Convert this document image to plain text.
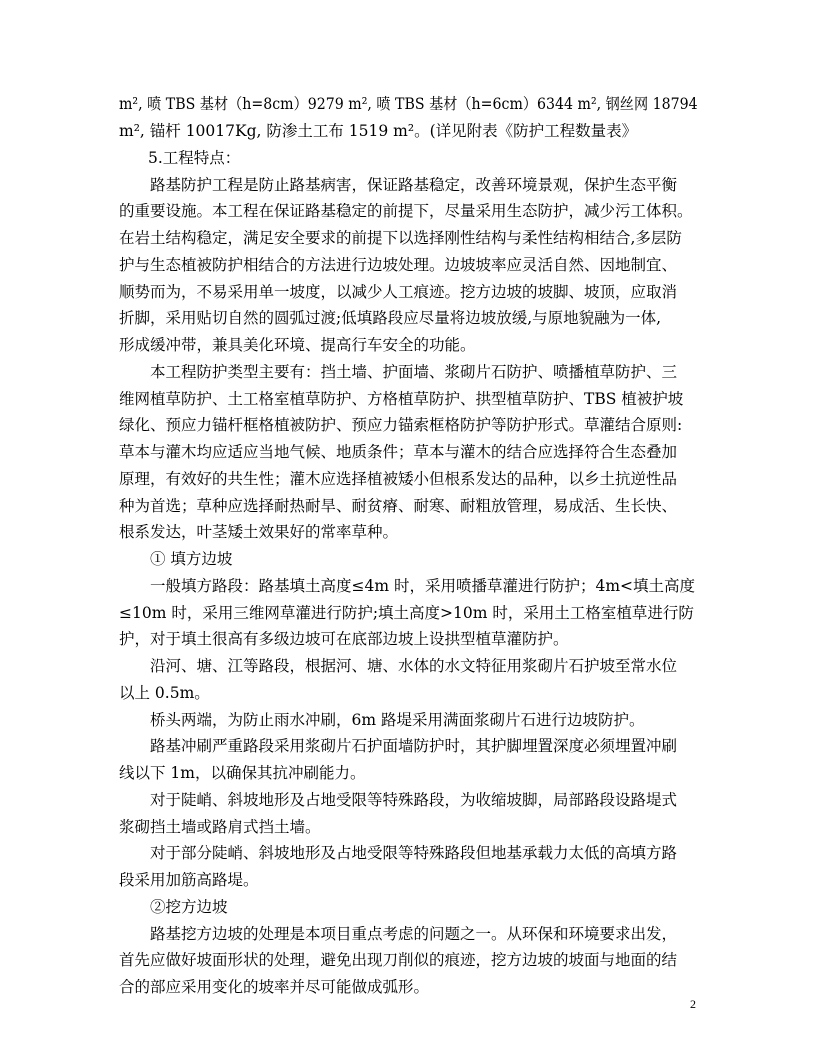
m², 喷 TBS 基材（h=8cm）9279 m², 喷 TBS 基材（h=6cm）6344 m², 钢丝网 18794
m², 锚杆 10017Kg, 防渗土工布 1519 m²。(详见附表《防护工程数量表》
5.工程特点：
路基防护工程是防止路基病害，保证路基稳定，改善环境景观，保护生态平衡
的重要设施。本工程在保证路基稳定的前提下，尽量采用生态防护，减少污工体积。
在岩土结构稳定，满足安全要求的前提下以选择刚性结构与柔性结构相结合,多层防
护与生态植被防护相结合的方法进行边坡处理。边坡坡率应灵活自然、因地制宜、
顺势而为，不易采用单一坡度，以减少人工痕迹。挖方边坡的坡脚、坡顶，应取消
折脚，采用贴切自然的圆弧过渡;低填路段应尽量将边坡放缓,与原地貌融为一体,
形成缓冲带，兼具美化环境、提高行车安全的功能。
本工程防护类型主要有：挡土墙、护面墙、浆砌片石防护、喷播植草防护、三
维网植草防护、土工格室植草防护、方格植草防护、拱型植草防护、TBS 植被护坡
绿化、预应力锚杆框格植被防护、预应力锚索框格防护等防护形式。草灌结合原则:
草本与灌木均应适应当地气候、地质条件；草本与灌木的结合应选择符合生态叠加
原理，有效好的共生性；灌木应选择植被矮小但根系发达的品种，以乡土抗逆性品
种为首选；草种应选择耐热耐旱、耐贫瘠、耐寒、耐粗放管理，易成活、生长快、
根系发达，叶茎矮土效果好的常率草种。
① 填方边坡
一般填方路段：路基填土高度≤4m 时，采用喷播草灌进行防护；4m<填土高度
≤10m 时，采用三维网草灌进行防护;填土高度>10m 时，采用土工格室植草进行防
护，对于填土很高有多级边坡可在底部边坡上设拱型植草灌防护。
沿河、塘、江等路段，根据河、塘、水体的水文特征用浆砌片石护坡至常水位
以上 0.5m。
桥头两端，为防止雨水冲刷，6m 路堤采用满面浆砌片石进行边坡防护。
路基冲刷严重路段采用浆砌片石护面墙防护时，其护脚埋置深度必须埋置冲刷
线以下 1m，以确保其抗冲刷能力。
对于陡峭、斜坡地形及占地受限等特殊路段，为收缩坡脚，局部路段设路堤式
浆砌挡土墙或路肩式挡土墙。
对于部分陡峭、斜坡地形及占地受限等特殊路段但地基承载力太低的高填方路
段采用加筋高路堤。
②挖方边坡
路基挖方边坡的处理是本项目重点考虑的问题之一。从环保和环境要求出发，
首先应做好坡面形状的处理，避免出现刀削似的痕迹，挖方边坡的坡面与地面的结
合的部应采用变化的坡率并尽可能做成弧形。
2
